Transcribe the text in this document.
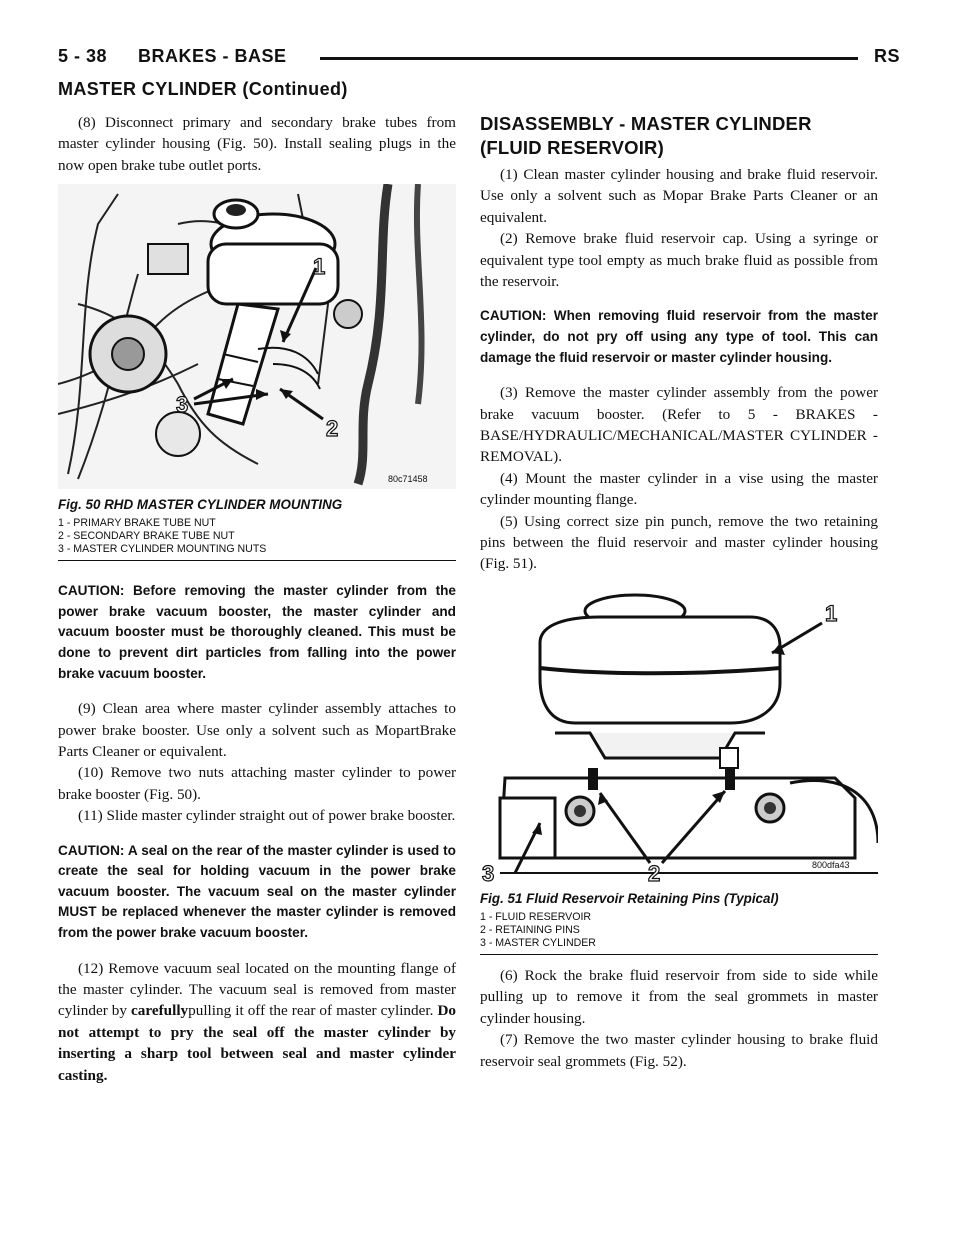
5 - 38 BRAKES - BASE	RS
MASTER CYLINDER (Continued)

(8) Disconnect primary and secondary brake tubes from master cylinder housing (Fig. 50). Install sealing plugs in the now open brake tube outlet ports.

1
2
3
80c71458
Fig. 50 RHD MASTER CYLINDER MOUNTING
1 - PRIMARY BRAKE TUBE NUT
2 - SECONDARY BRAKE TUBE NUT
3 - MASTER CYLINDER MOUNTING NUTS
CAUTION: Before removing the master cylinder from the power brake vacuum booster, the master cylinder and vacuum booster must be thoroughly cleaned. This must be done to prevent dirt particles from falling into the power brake vacuum booster.

(9) Clean area where master cylinder assembly attaches to power brake booster. Use only a solvent such as MopartBrake Parts Cleaner or equivalent.

(10) Remove two nuts attaching master cylinder to power brake booster (Fig. 50).

(11) Slide master cylinder straight out of power brake booster.

CAUTION: A seal on the rear of the master cylinder is used to create the seal for holding vacuum in the power brake vacuum booster. The vacuum seal on the master cylinder MUST be replaced whenever the master cylinder is removed from the power brake vacuum booster.

(12) Remove vacuum seal located on the mounting flange of the master cylinder. The vacuum seal is removed from master cylinder by carefullypulling it off the rear of master cylinder. Do not attempt to pry the seal off the master cylinder by inserting a sharp tool between seal and master cylinder casting.

DISASSEMBLY - MASTER CYLINDER (FLUID RESERVOIR)

(1) Clean master cylinder housing and brake fluid reservoir. Use only a solvent such as Mopar Brake Parts Cleaner or an equivalent.

(2) Remove brake fluid reservoir cap. Using a syringe or equivalent type tool empty as much brake fluid as possible from the reservoir.

CAUTION: When removing fluid reservoir from the master cylinder, do not pry off using any type of tool. This can damage the fluid reservoir or master cylinder housing.

(3) Remove the master cylinder assembly from the power brake vacuum booster. (Refer to 5 - BRAKES - BASE/HYDRAULIC/MECHANICAL/MASTER CYLINDER - REMOVAL).

(4) Mount the master cylinder in a vise using the master cylinder mounting flange.

(5) Using correct size pin punch, remove the two retaining pins between the fluid reservoir and master cylinder housing (Fig. 51).

1
2
3	800dfa43
Fig. 51 Fluid Reservoir Retaining Pins (Typical)
1 - FLUID RESERVOIR
2 - RETAINING PINS
3 - MASTER CYLINDER

(6) Rock the brake fluid reservoir from side to side while pulling up to remove it from the seal grommets in master cylinder housing.

(7) Remove the two master cylinder housing to brake fluid reservoir seal grommets (Fig. 52).
